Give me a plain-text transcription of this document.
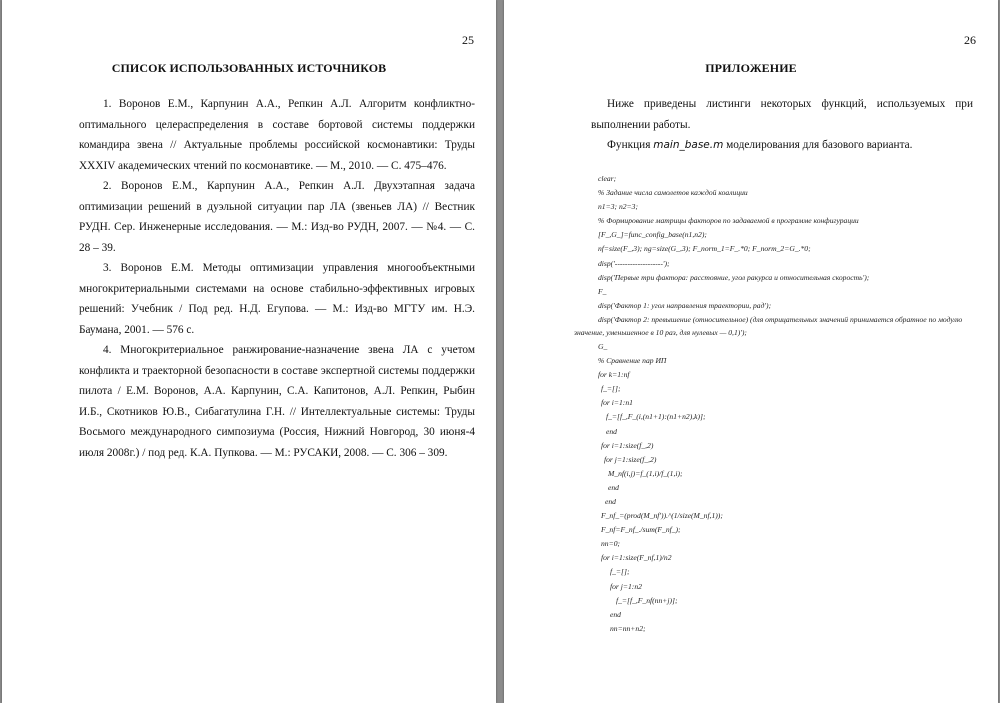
25
СПИСОК ИСПОЛЬЗОВАННЫХ ИСТОЧНИКОВ

1. Воронов Е.М., Карпунин А.А., Репкин А.Л. Алгоритм конфликтно-оптимального целераспределения в составе бортовой системы поддержки командира звена // Актуальные проблемы российской космонавтики: Труды XXXIV академических чтений по космонавтике. — М., 2010. — С. 475–476.

2. Воронов Е.М., Карпунин А.А., Репкин А.Л. Двухэтапная задача оптимизации решений в дуэльной ситуации пар ЛА (звеньев ЛА) // Вестник РУДН. Сер. Инженерные исследования. — М.: Изд-во РУДН, 2007. — №4. — С. 28 – 39.

3. Воронов Е.М. Методы оптимизации управления многообъектными многокритериальными системами на основе стабильно-эффективных игровых решений: Учебник / Под ред. Н.Д. Егупова. — М.: Изд-во МГТУ им. Н.Э. Баумана, 2001. — 576 с.

4. Многокритериальное ранжирование-назначение звена ЛА с учетом конфликта и траекторной безопасности в составе экспертной системы поддержки пилота / Е.М. Воронов, А.А. Карпунин, С.А. Капитонов, А.Л. Репкин, Рыбин И.Б., Скотников Ю.В., Сибагатулина Г.Н. // Интеллектуальные системы: Труды Восьмого международного симпозиума (Россия, Нижний Новгород, 30 июня-4 июля 2008г.) / под ред. К.А. Пупкова. — М.: РУСАКИ, 2008. — С. 306 – 309.

26
ПРИЛОЖЕНИЕ

Ниже приведены листинги некоторых функций, используемых при выполнении работы.

Функция main_base.m моделирования для базового варианта.

clear;
% Задание числа самолетов каждой коалиции
n1=3; n2=3;
% Формирование матрицы факторов по задаваемой в программе конфигурации
[F_,G_]=func_config_base(n1,n2);
nf=size(F_,3); ng=size(G_,3); F_norm_1=F_.*0; F_norm_2=G_.*0;
disp('-------------------');
disp('Первые три фактора: расстояние, угол ракурса и относительная скорость');
F_
disp('Фактор 1: угол направления траектории, рад');
disp('Фактор 2: превышение (относительное) (для отрицательных значений принимается обратное по модулю значение, уменьшенное в 10 раз, для нулевых — 0,1)');
G_
% Сравнение пар ИП
for k=1:nf
f_=[];
for i=1:n1
f_=[f_,F_(i,(n1+1):(n1+n2),k)];
end
for i=1:size(f_,2)
for j=1:size(f_,2)
M_nf(i,j)=f_(1,i)/f_(1,i);
end
end
F_nf_=(prod(M_nf')).^(1/size(M_nf,1));
F_nf=F_nf_./sum(F_nf_);
nn=0;
for i=1:size(F_nf,1)/n2
f_=[];
for j=1:n2
f_=[f_,F_nf(nn+j)];
end
nn=nn+n2;
